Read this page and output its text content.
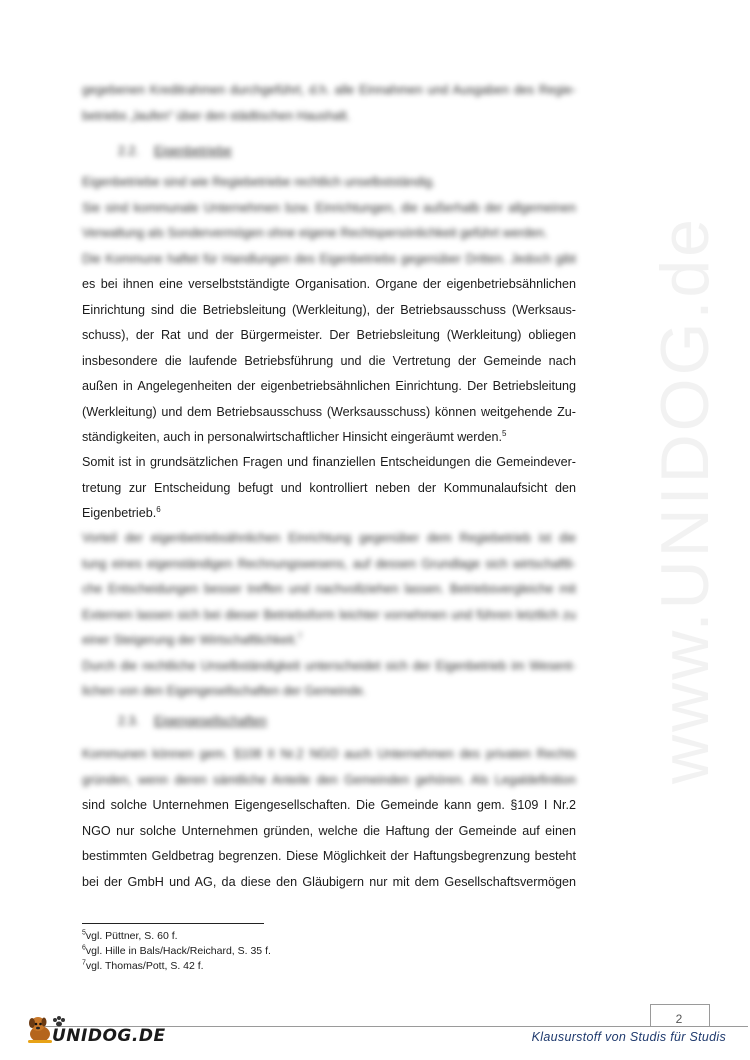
www.UNIDOG.de
gegebenen Kreditrahmen durchgeführt, d.h. alle Einnahmen und Ausgaben des Regie-
betriebs „laufen“ über den städtischen Haushalt.
2.2. Eigenbetriebe
Eigenbetriebe sind wie Regiebetriebe rechtlich unselbstständig.
Sie sind kommunale Unternehmen bzw. Einrichtungen, die außerhalb der allgemeinen
Verwaltung als Sondervermögen ohne eigene Rechtspersönlichkeit geführt werden.
Die Kommune haftet für Handlungen des Eigenbetriebs gegenüber Dritten. Jedoch gibt
es bei ihnen eine verselbstständigte Organisation. Organe der eigenbetriebsähnlichen
Einrichtung sind die Betriebsleitung (Werkleitung), der Betriebsausschuss (Werksaus-
schuss), der Rat und der Bürgermeister. Der Betriebsleitung (Werkleitung) obliegen
insbesondere die laufende Betriebsführung und die Vertretung der Gemeinde nach
außen in Angelegenheiten der eigenbetriebsähnlichen Einrichtung. Der Betriebsleitung
(Werkleitung) und dem Betriebsausschuss (Werksausschuss) können weitgehende Zu-
ständigkeiten, auch in personalwirtschaftlicher Hinsicht eingeräumt werden.$^5$
Somit ist in grundsätzlichen Fragen und finanziellen Entscheidungen die Gemeindever-
tretung zur Entscheidung befugt und kontrolliert neben der Kommunalaufsicht den
Eigenbetrieb.$^6$
Vorteil der eigenbetriebsähnlichen Einrichtung gegenüber dem Regiebetrieb ist die
tung eines eigenständigen Rechnungswesens, auf dessen Grundlage sich wirtschaftli-
che Entscheidungen besser treffen und nachvollziehen lassen. Betriebsvergleiche mit
Externen lassen sich bei dieser Betriebsform leichter vornehmen und führen letztlich zu
einer Steigerung der Wirtschaftlichkeit.$^7$
Durch die rechtliche Unselbständigkeit unterscheidet sich der Eigenbetrieb im Wesent-
lichen von den Eigengesellschaften der Gemeinde.
2.3. Eigengesellschaften
Kommunen können gem. §108 II Nr.2 NGO auch Unternehmen des privaten Rechts
gründen, wenn deren sämtliche Anteile den Gemeinden gehören. Als Legaldefinition
sind solche Unternehmen Eigengesellschaften. Die Gemeinde kann gem. §109 I Nr.2
NGO nur solche Unternehmen gründen, welche die Haftung der Gemeinde auf einen
bestimmten Geldbetrag begrenzen. Diese Möglichkeit der Haftungsbegrenzung besteht
bei der GmbH und AG, da diese den Gläubigern nur mit dem Gesellschaftsvermögen
$^5$vgl. Püttner, S. 60 f.
$^6$vgl. Hille in Bals/Hack/Reichard, S. 35 f.
$^7$vgl. Thomas/Pott, S. 42 f.
2
UNIDOG.DE	Klausurstoff von Studis für Studis
